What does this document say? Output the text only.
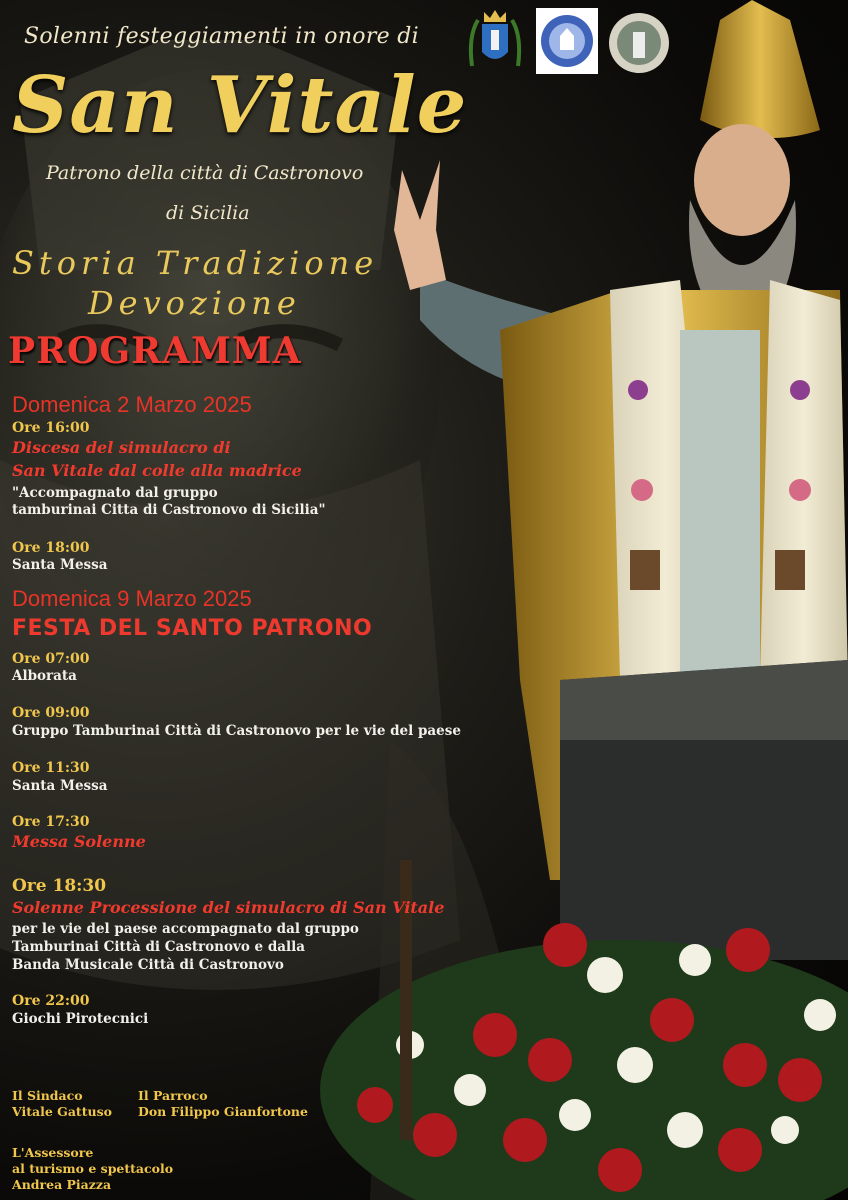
Solenni festeggiamenti in onore di

San Vitale

Patrono della città di Castronovo

di Sicilia

Storia Tradizione

Devozione

PROGRAMMA

Domenica 2 Marzo 2025

Ore 16:00

Discesa del simulacro di

San Vitale dal colle alla madrice

"Accompagnato dal gruppo

tamburinai Citta di Castronovo di Sicilia"

Ore 18:00

Santa Messa

Domenica 9 Marzo 2025

FESTA DEL SANTO PATRONO

Ore 07:00

Alborata

Ore 09:00

Gruppo Tamburinai Città di Castronovo per le vie del paese

Ore 11:30

Santa Messa

Ore 17:30

Messa Solenne

Ore 18:30

Solenne Processione del simulacro di San Vitale

per le vie del paese accompagnato dal gruppo

Tamburinai Città di Castronovo e dalla

Banda Musicale Città di Castronovo

Ore 22:00

Giochi Pirotecnici

Il Sindaco
Vitale Gattuso
Il Parroco
Don Filippo Gianfortone
L'Assessore
al turismo e spettacolo
Andrea Piazza
